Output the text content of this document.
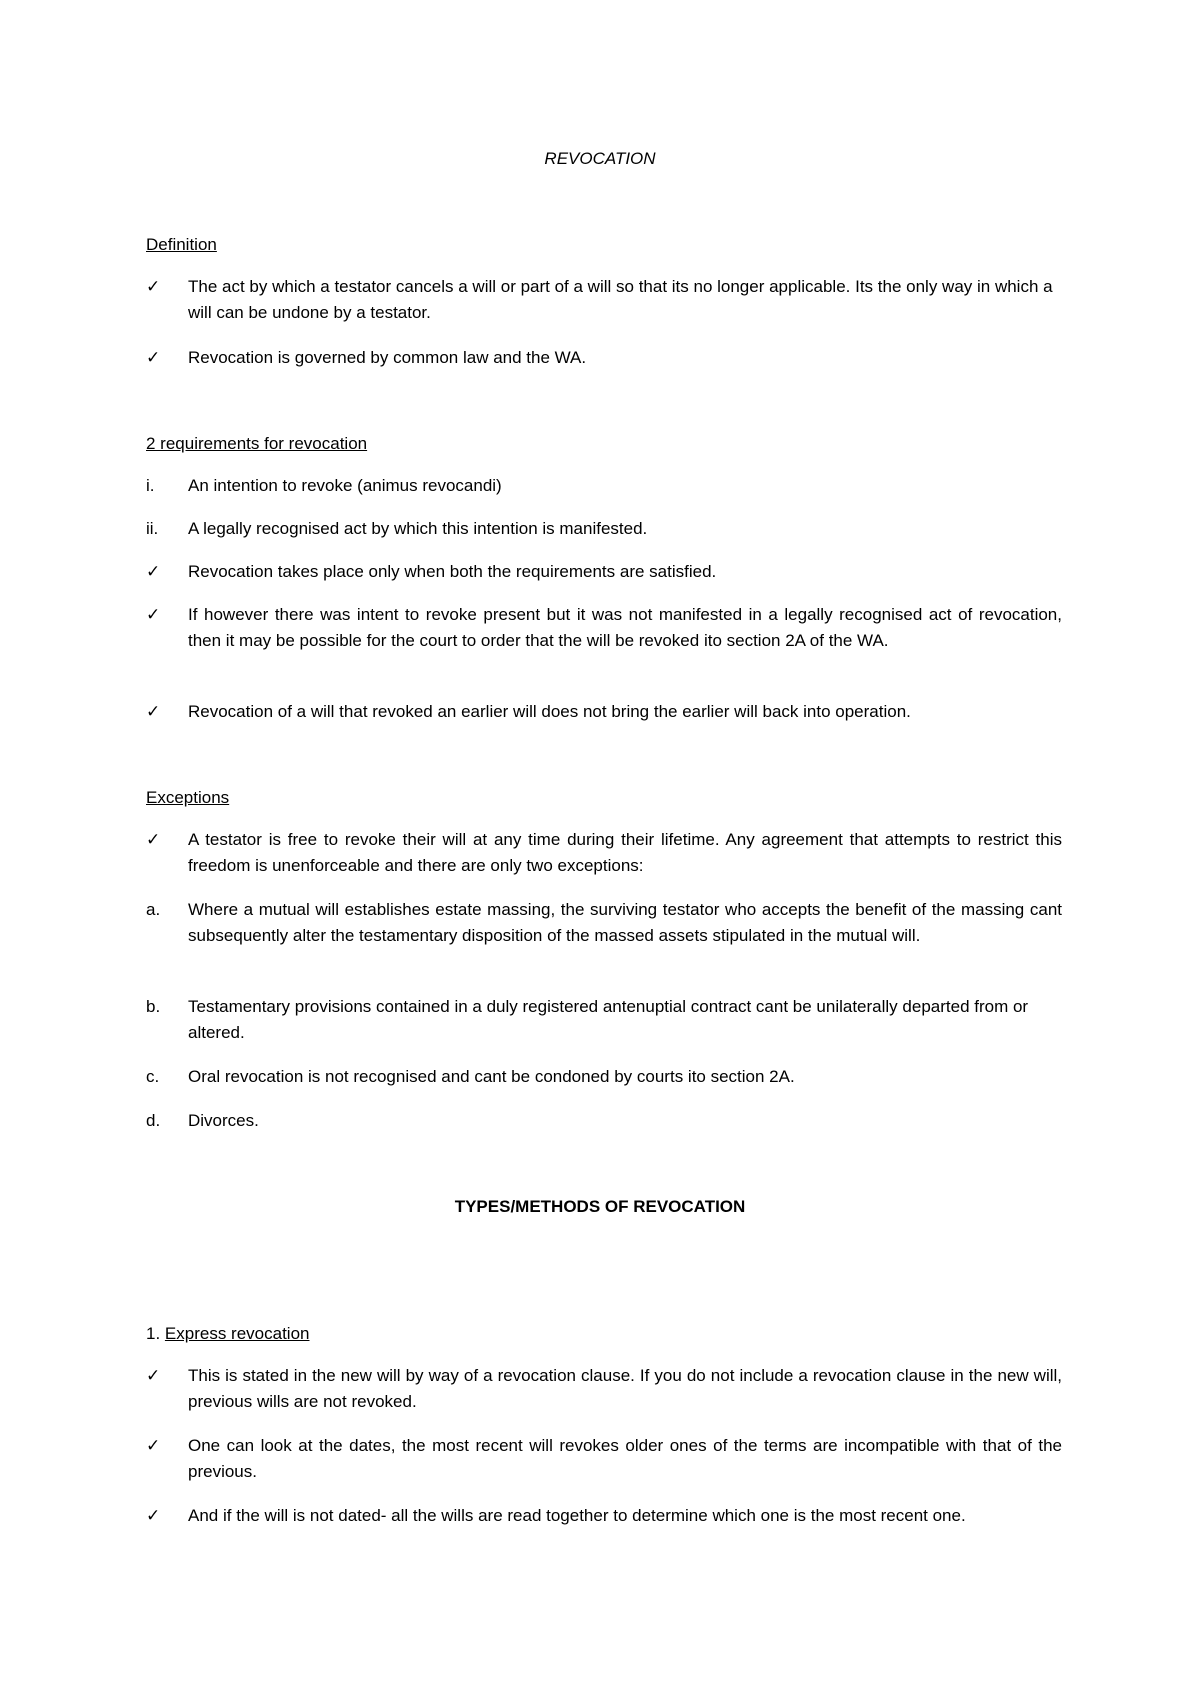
REVOCATION
Definition
✓	The act by which a testator cancels a will or part of a will so that its no longer applicable. Its the only way in which a will can be undone by a testator.
✓	Revocation is governed by common law and the WA.
2 requirements for revocation
i.	An intention to revoke (animus revocandi)
ii.	A legally recognised act by which this intention is manifested.
✓	Revocation takes place only when both the requirements are satisfied.
✓	If however there was intent to revoke present but it was not manifested in a legally recognised act of revocation, then it may be possible for the court to order that the will be revoked ito section 2A of the WA.
✓	Revocation of a will that revoked an earlier will does not bring the earlier will back into operation.
Exceptions
✓	A testator is free to revoke their will at any time during their lifetime. Any agreement that attempts to restrict this freedom is unenforceable and there are only two exceptions:
a.	Where a mutual will establishes estate massing, the surviving testator who accepts the benefit of the massing cant subsequently alter the testamentary disposition of the massed assets stipulated in the mutual will.
b.	Testamentary provisions contained in a duly registered antenuptial contract cant be unilaterally departed from or altered.
c.	Oral revocation is not recognised and cant be condoned by courts ito section 2A.
d.	Divorces.
TYPES/METHODS OF REVOCATION
1. Express revocation
✓	This is stated in the new will by way of a revocation clause. If you do not include a revocation clause in the new will, previous wills are not revoked.
✓	One can look at the dates, the most recent will revokes older ones of the terms are incompatible with that of the previous.
✓	And if the will is not dated- all the wills are read together to determine which one is the most recent one.
